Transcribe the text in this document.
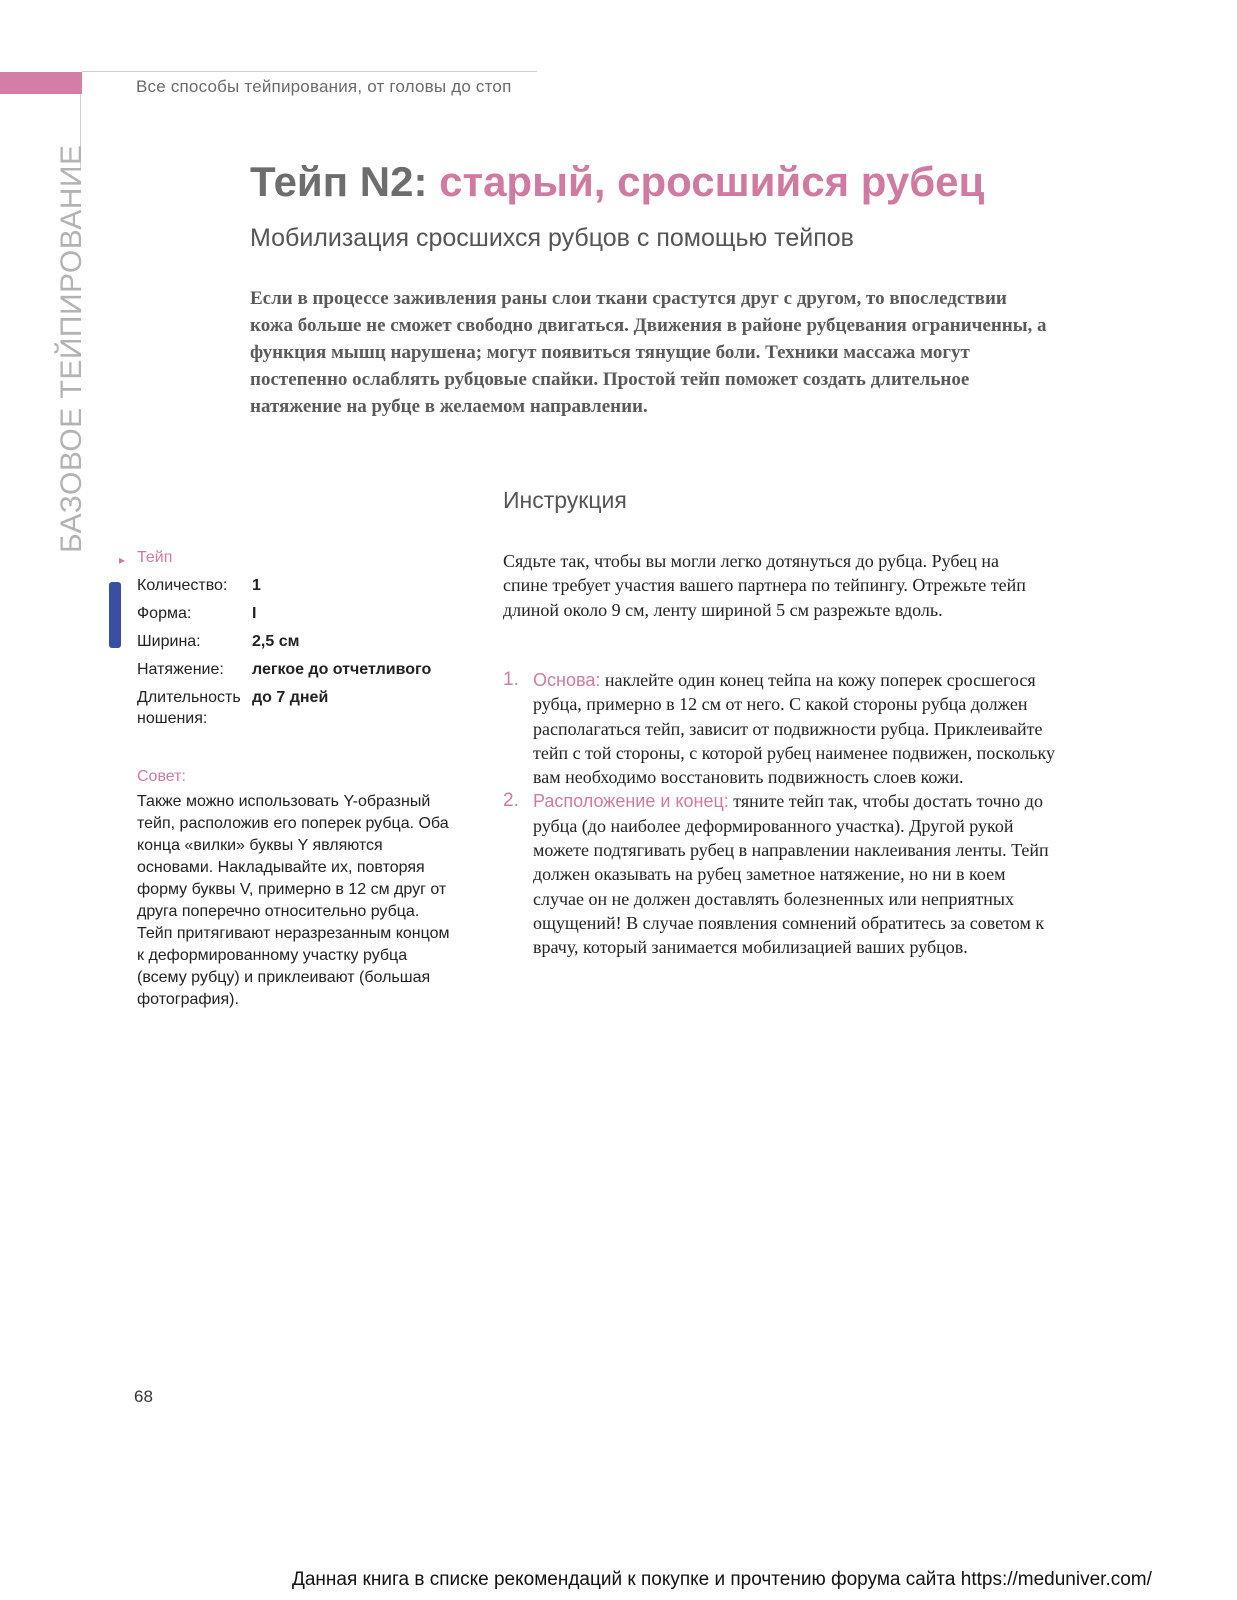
Все способы тейпирования, от головы до стоп
БАЗОВОЕ ТЕЙПИРОВАНИЕ	Тейп N2: старый, сросшийся рубец
Мобилизация сросшихся рубцов с помощью тейпов
Если в процессе заживления раны слои ткани срастутся друг с другом, то впоследствии кожа больше не сможет свободно двигаться. Движения в районе рубцевания ограниченны, а функция мышц нарушена; могут появиться тянущие боли. Техники массажа могут постепенно ослаблять рубцовые спайки. Простой тейп поможет создать длительное натяжение на рубце в желаемом направлении.
Инструкция
Сядьте так, чтобы вы могли легко дотянуться до рубца. Рубец на спине требует участия вашего партнера по тейпингу. Отрежьте тейп длиной около 9 см, ленту шириной 5 см разрежьте вдоль.
1. Основа: наклейте один конец тейпа на кожу поперек сросшегося рубца, примерно в 12 см от него. С какой стороны рубца должен располагаться тейп, зависит от подвижности рубца. Приклеивайте тейп с той стороны, с которой рубец наименее подвижен, поскольку вам необходимо восстановить подвижность слоев кожи.
2. Расположение и конец: тяните тейп так, чтобы достать точно до рубца (до наиболее деформированного участка). Другой рукой можете подтягивать рубец в направлении наклеивания ленты. Тейп должен оказывать на рубец заметное натяжение, но ни в коем случае он не должен доставлять болезненных или неприятных ощущений! В случае появления сомнений обратитесь за советом к врачу, который занимается мобилизацией ваших рубцов.
▸ Тейп
Количество:	1
Форма:	I
Ширина:	2,5 см
Натяжение:	легкое до отчетливого
Длительность ношения:
до 7 дней
Совет:
Также можно использовать Y-образный тейп, расположив его поперек рубца. Оба конца «вилки» буквы Y являются основами. Накладывайте их, повторяя форму буквы V, примерно в 12 см друг от друга поперечно относительно рубца. Тейп притягивают неразрезанным концом к деформированному участку рубца (всему рубцу) и приклеивают (большая фотография).
68
Данная книга в списке рекомендаций к покупке и прочтению форума сайта https://meduniver.com/
